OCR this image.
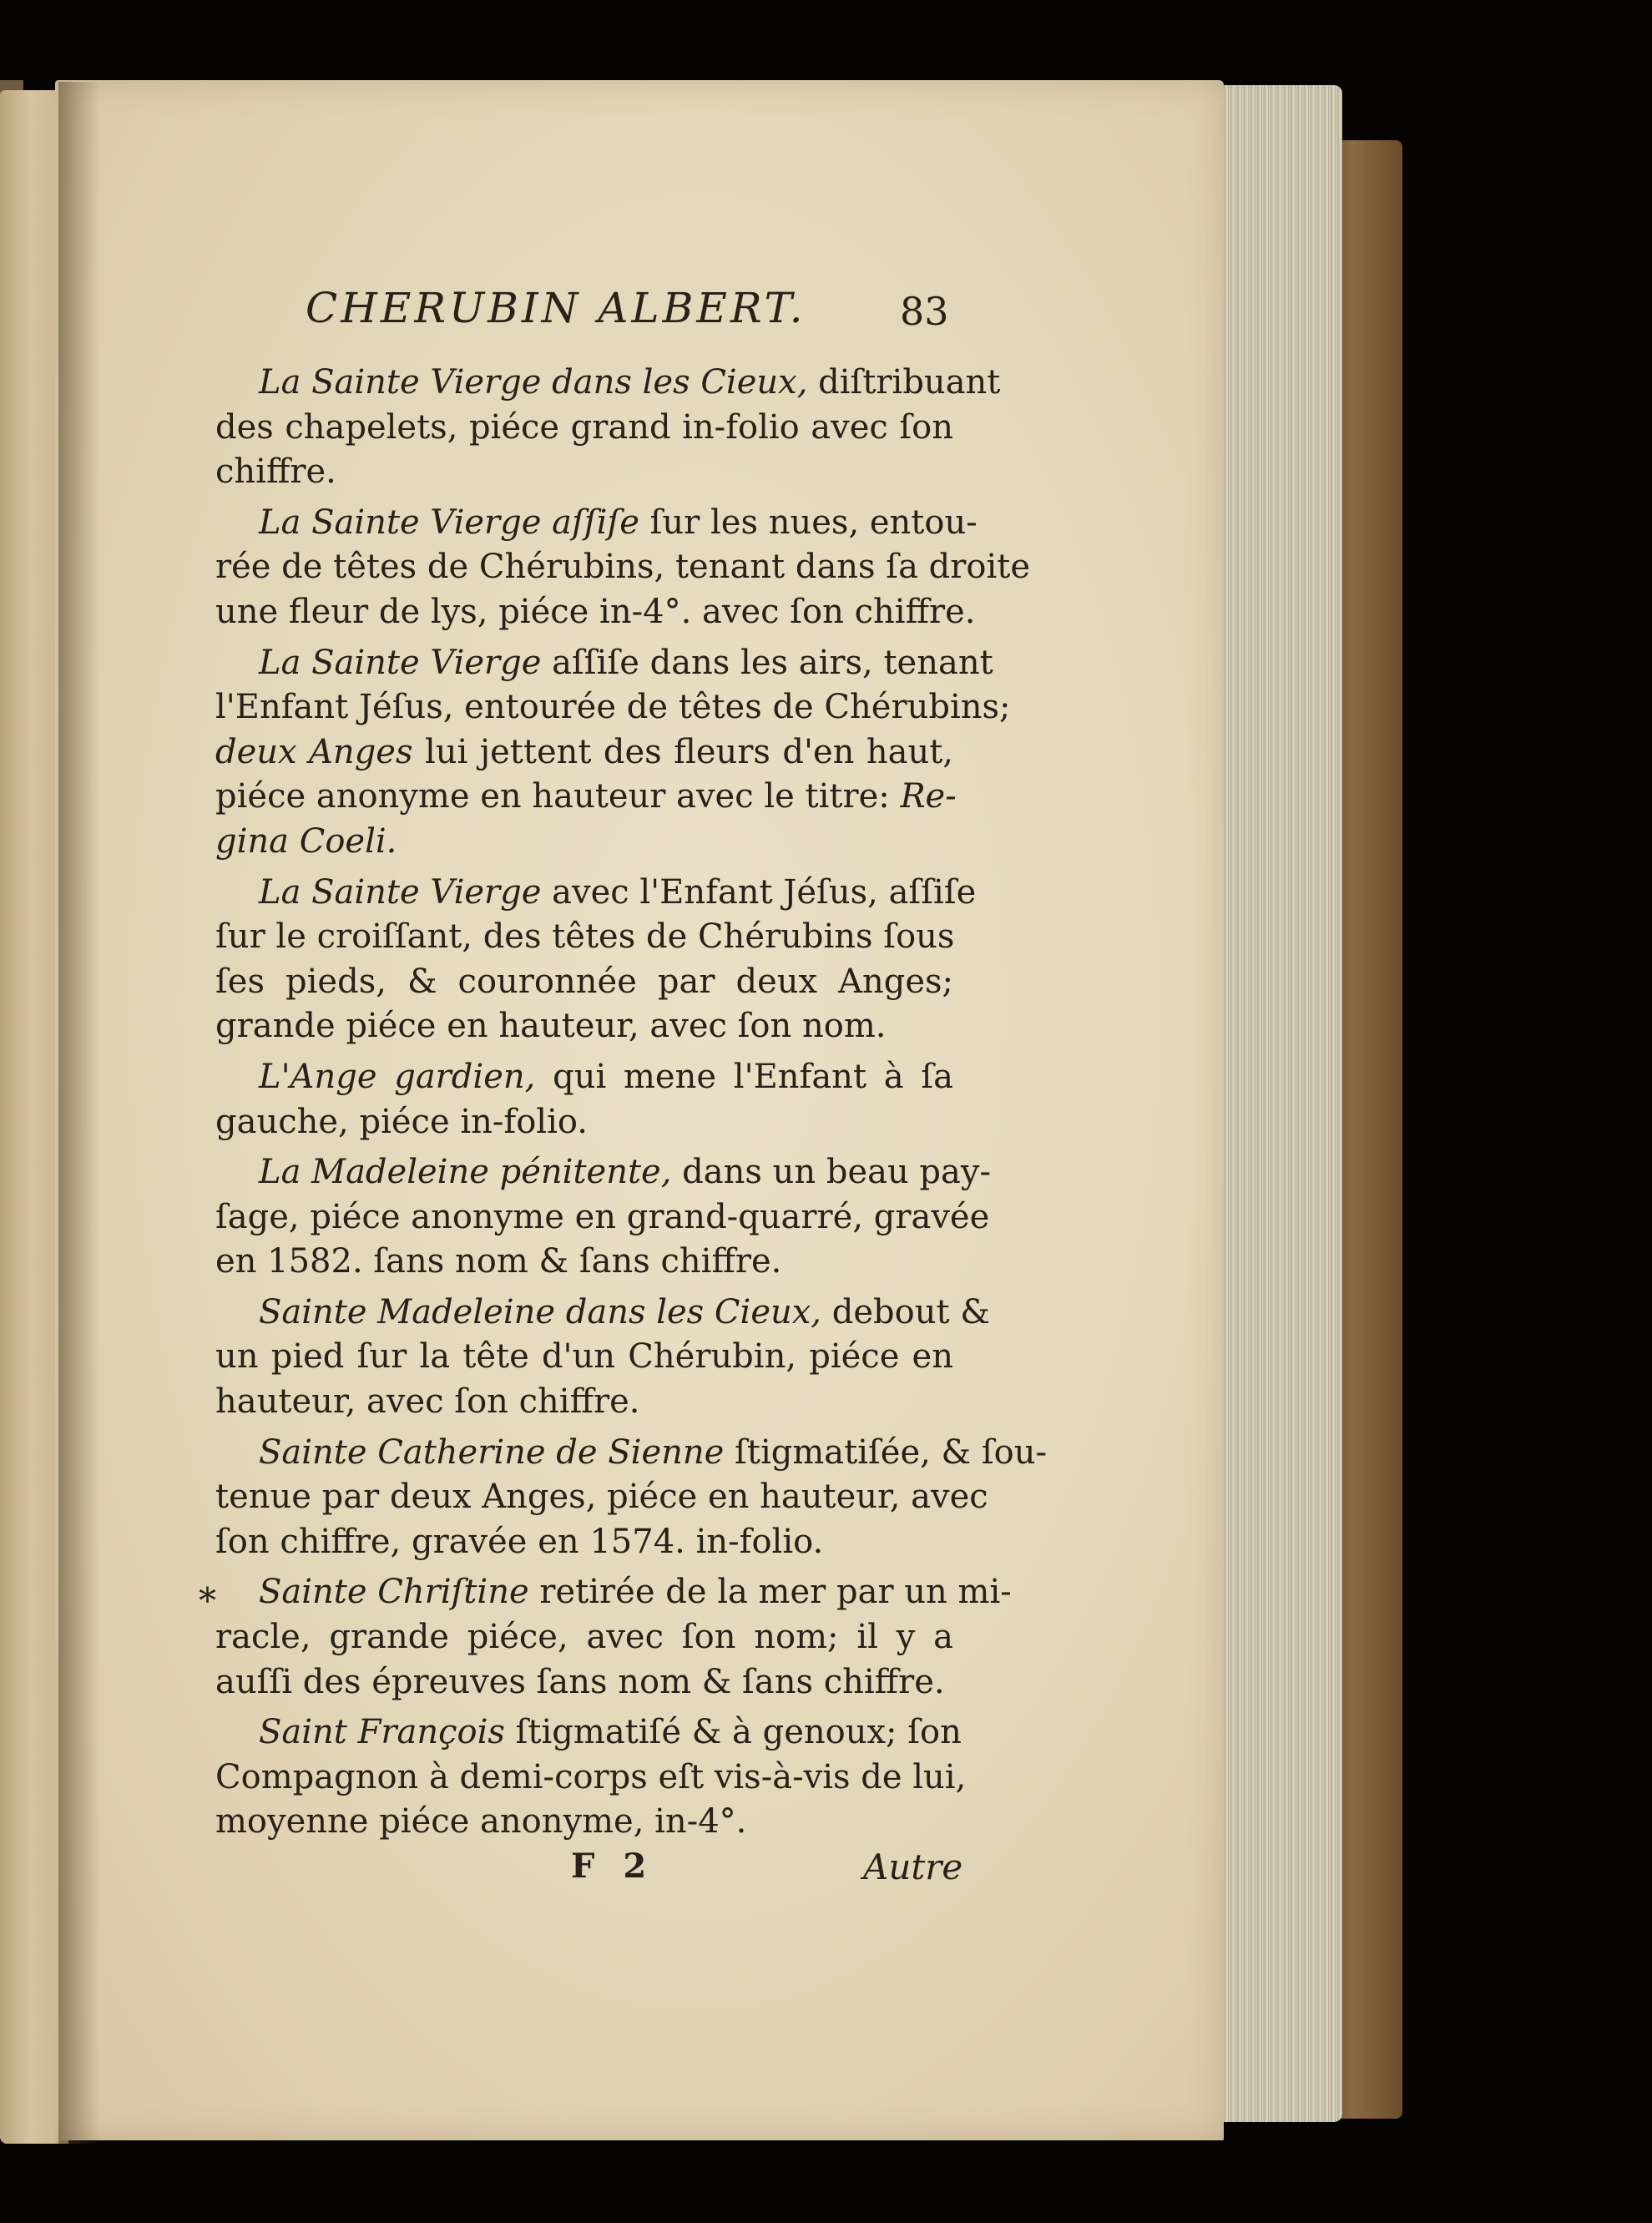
CHERUBIN ALBERT. 83
*
La Sainte Vierge dans les Cieux, diſtribuant
des chapelets, piéce grand in-folio avec ſon
chiffre.
La Sainte Vierge aſſiſe ſur les nues, entou-
rée de têtes de Chérubins, tenant dans ſa droite
une fleur de lys, piéce in-4°. avec ſon chiffre.
La Sainte Vierge aſſiſe dans les airs, tenant
l'Enfant Jéſus, entourée de têtes de Chérubins;
deux Anges lui jettent des fleurs d'en haut,
piéce anonyme en hauteur avec le titre: Re-
gina Coeli.
La Sainte Vierge avec l'Enfant Jéſus, aſſiſe
ſur le croiſſant, des têtes de Chérubins ſous
ſes pieds, & couronnée par deux Anges;
grande piéce en hauteur, avec ſon nom.
L'Ange gardien, qui mene l'Enfant à ſa
gauche, piéce in-folio.
La Madeleine pénitente, dans un beau pay-
ſage, piéce anonyme en grand-quarré, gravée
en 1582. ſans nom & ſans chiffre.
Sainte Madeleine dans les Cieux, debout &
un pied ſur la tête d'un Chérubin, piéce en
hauteur, avec ſon chiffre.
Sainte Catherine de Sienne ſtigmatiſée, & ſou-
tenue par deux Anges, piéce en hauteur, avec
ſon chiffre, gravée en 1574. in-folio.
Sainte Chriſtine retirée de la mer par un mi-
racle, grande piéce, avec ſon nom; il y a
auſſi des épreuves ſans nom & ſans chiffre.
Saint François ſtigmatiſé & à genoux; ſon
Compagnon à demi-corps eſt vis-à-vis de lui,
moyenne piéce anonyme, in-4°.
F 2	Autre
